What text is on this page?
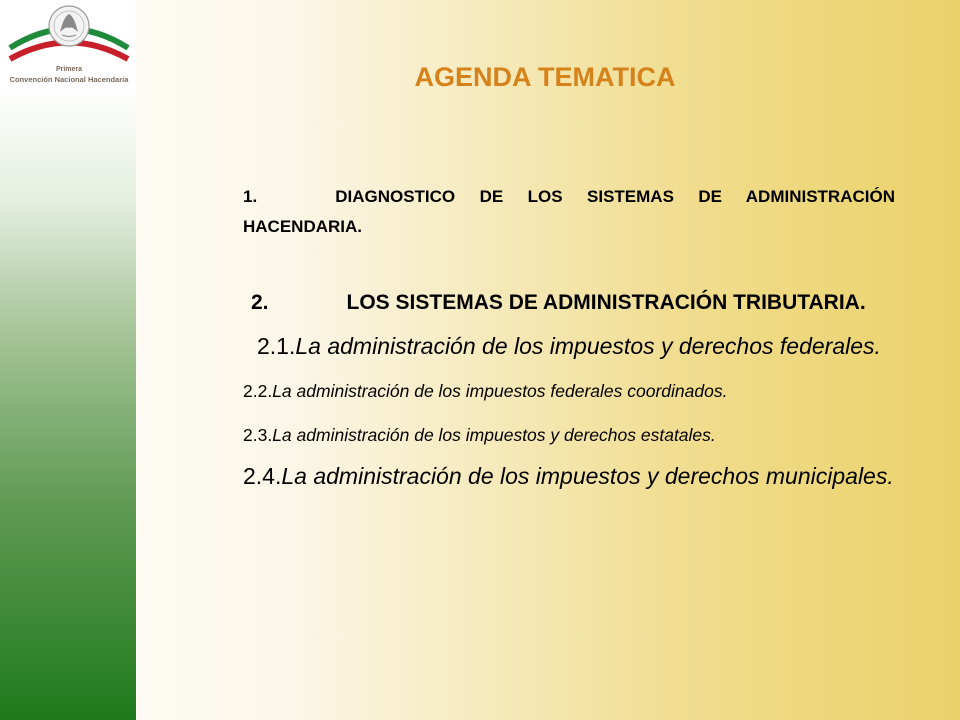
Primera
Convención Nacional Hacendaria	AGENDA TEMATICA

1.	DIAGNOSTICO DE LOS SISTEMAS DE ADMINISTRACIÓN HACENDARIA.

2.	LOS SISTEMAS DE ADMINISTRACIÓN TRIBUTARIA.

2.1.La administración de los impuestos y derechos federales.

2.2.La administración de los impuestos federales coordinados.

2.3.La administración de los impuestos y derechos estatales.

2.4.La administración de los impuestos y derechos municipales.
